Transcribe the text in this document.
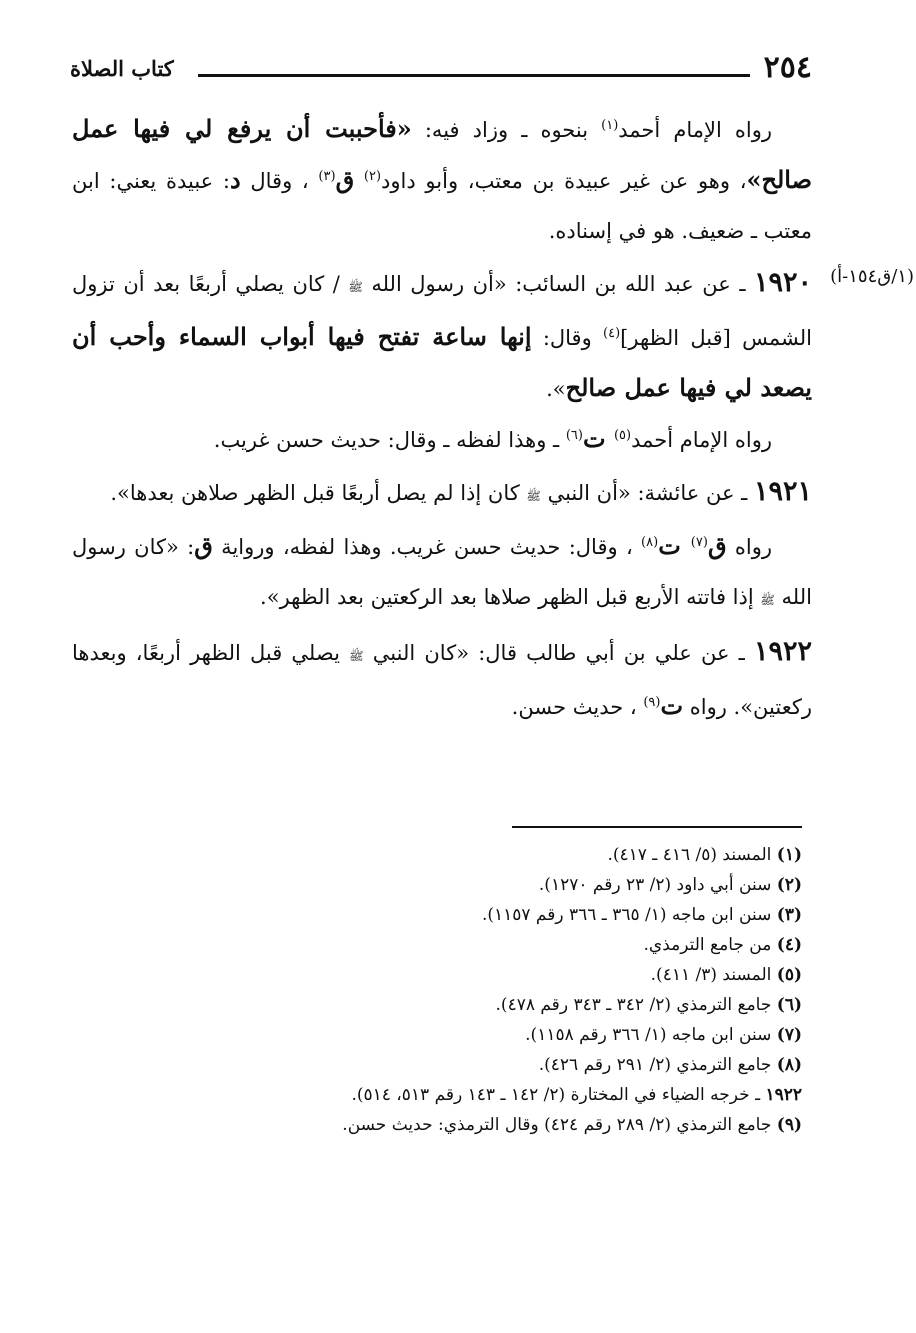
٢٥٤
كتاب الصلاة
(١/ق١٥٤-أ)

رواه الإمام أحمد$^{(١)}$ بنحوه ـ وزاد فيه: «فأحببت أن يرفع لي فيها عمل صالح»، وهو عن غير عبيدة بن معتب، وأبو داود$^{(٢)}$ ق$^{(٣)}$ ، وقال د: عبيدة يعني: ابن معتب ـ ضعيف. هو في إسناده.

١٩٢٠ ـ عن عبد الله بن السائب: «أن رسول الله ﷺ / كان يصلي أربعًا بعد أن تزول الشمس [قبل الظهر]$^{(٤)}$ وقال: إنها ساعة تفتح فيها أبواب السماء وأحب أن يصعد لي فيها عمل صالح».

رواه الإمام أحمد$^{(٥)}$ ت$^{(٦)}$ ـ وهذا لفظه ـ وقال: حديث حسن غريب.

١٩٢١ ـ عن عائشة: «أن النبي ﷺ كان إذا لم يصل أربعًا قبل الظهر صلاهن بعدها».

رواه ق$^{(٧)}$ ت$^{(٨)}$ ، وقال: حديث حسن غريب. وهذا لفظه، ورواية ق: «كان رسول الله ﷺ إذا فاتته الأربع قبل الظهر صلاها بعد الركعتين بعد الظهر».

١٩٢٢ ـ عن علي بن أبي طالب قال: «كان النبي ﷺ يصلي قبل الظهر أربعًا، وبعدها ركعتين». رواه ت$^{(٩)}$ ، حديث حسن.

(١) المسند (٥/ ٤١٦ ـ ٤١٧).
(٢) سنن أبي داود (٢/ ٢٣ رقم ١٢٧٠).
(٣) سنن ابن ماجه (١/ ٣٦٥ ـ ٣٦٦ رقم ١١٥٧).
(٤) من جامع الترمذي.
(٥) المسند (٣/ ٤١١).
(٦) جامع الترمذي (٢/ ٣٤٢ ـ ٣٤٣ رقم ٤٧٨).
(٧) سنن ابن ماجه (١/ ٣٦٦ رقم ١١٥٨).
(٨) جامع الترمذي (٢/ ٢٩١ رقم ٤٢٦).
١٩٢٢ ـ خرجه الضياء في المختارة (٢/ ١٤٢ ـ ١٤٣ رقم ٥١٣، ٥١٤).
(٩) جامع الترمذي (٢/ ٢٨٩ رقم ٤٢٤) وقال الترمذي: حديث حسن.
